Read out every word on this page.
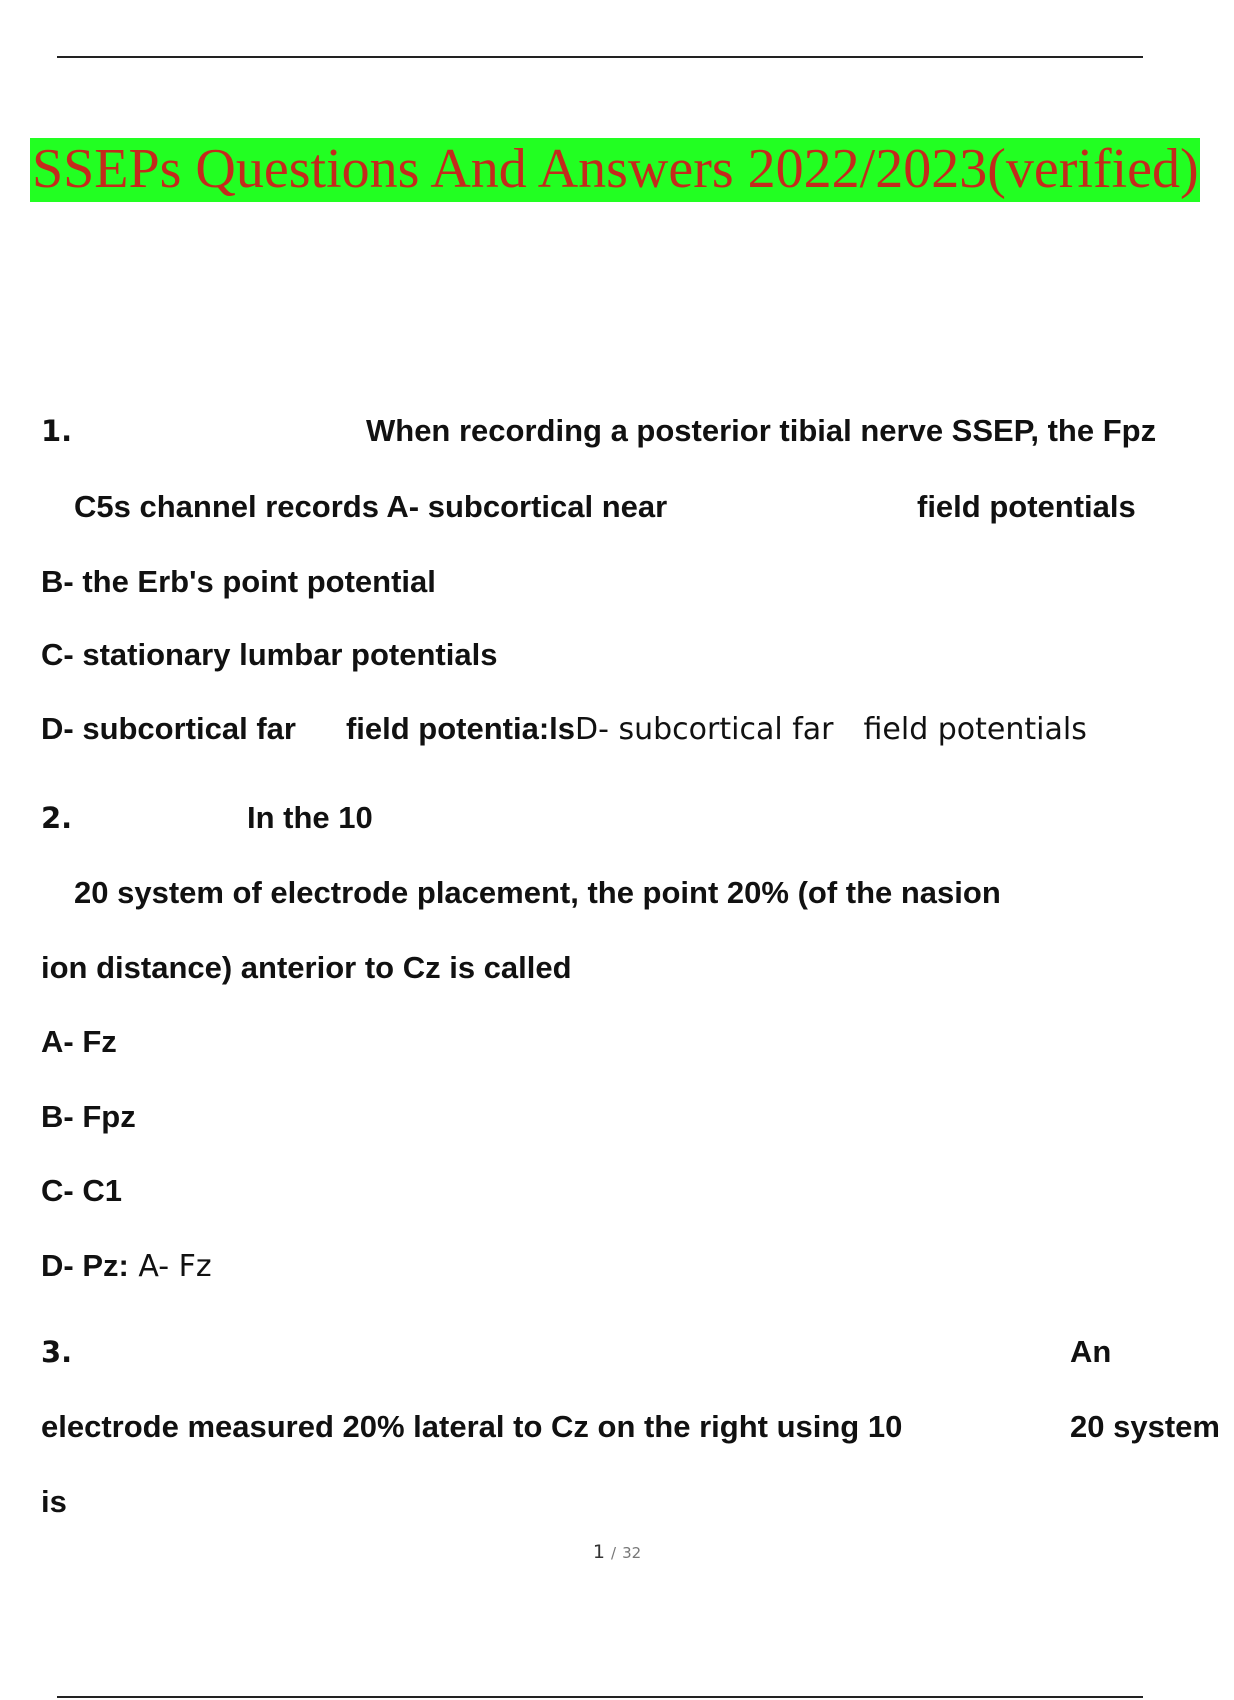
SSEPs Questions And Answers 2022/2023(verified)
1.	When recording a posterior tibial nerve SSEP, the Fpz
C5s channel records A- subcortical near	field potentials
B- the Erb's point potential
C- stationary lumbar potentials
D- subcortical far field potentia:lsD- subcortical far field potentials
2.	In the 10
20 system of electrode placement, the point 20% (of the nasion
ion distance) anterior to Cz is called
A- Fz
B- Fpz
C- C1
D- Pz: A- Fz
3.	An
electrode measured 20% lateral to Cz on the right using 10	20 system
is
1 / 32
